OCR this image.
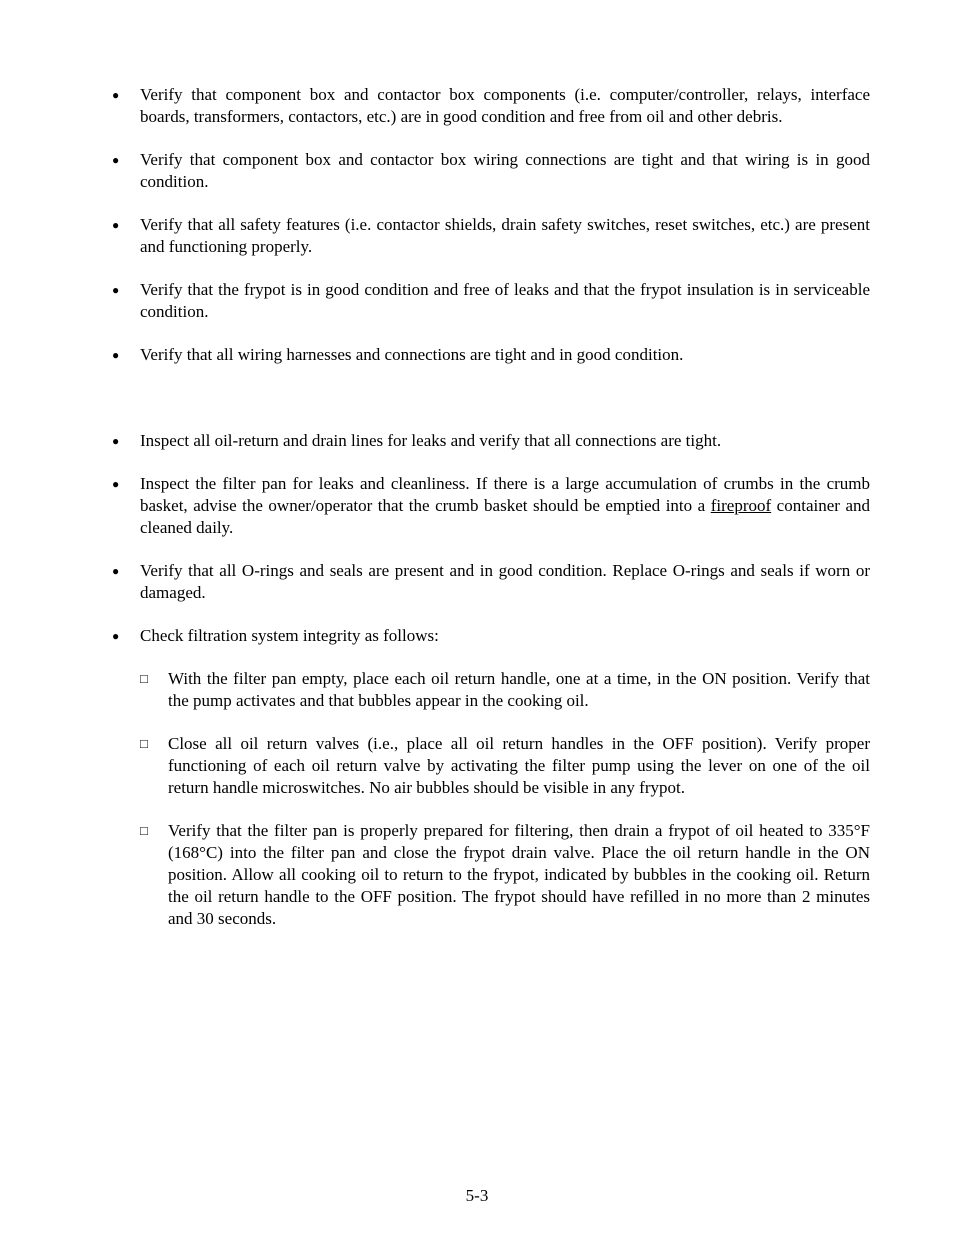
● Verify that component box and contactor box components (i.e. computer/controller, relays, interface boards, transformers, contactors, etc.) are in good condition and free from oil and other debris.
● Verify that component box and contactor box wiring connections are tight and that wiring is in good condition.
● Verify that all safety features (i.e. contactor shields, drain safety switches, reset switches, etc.) are present and functioning properly.
● Verify that the frypot is in good condition and free of leaks and that the frypot insulation is in serviceable condition.
● Verify that all wiring harnesses and connections are tight and in good condition.
● Inspect all oil-return and drain lines for leaks and verify that all connections are tight.
● Inspect the filter pan for leaks and cleanliness. If there is a large accumulation of crumbs in the crumb basket, advise the owner/operator that the crumb basket should be emptied into a fireproof container and cleaned daily.
● Verify that all O-rings and seals are present and in good condition. Replace O-rings and seals if worn or damaged.
● Check filtration system integrity as follows:
□ With the filter pan empty, place each oil return handle, one at a time, in the ON position. Verify that the pump activates and that bubbles appear in the cooking oil.
□ Close all oil return valves (i.e., place all oil return handles in the OFF position). Verify proper functioning of each oil return valve by activating the filter pump using the lever on one of the oil return handle microswitches. No air bubbles should be visible in any frypot.
□ Verify that the filter pan is properly prepared for filtering, then drain a frypot of oil heated to 335°F (168°C) into the filter pan and close the frypot drain valve. Place the oil return handle in the ON position. Allow all cooking oil to return to the frypot, indicated by bubbles in the cooking oil. Return the oil return handle to the OFF position. The frypot should have refilled in no more than 2 minutes and 30 seconds.
5-3
